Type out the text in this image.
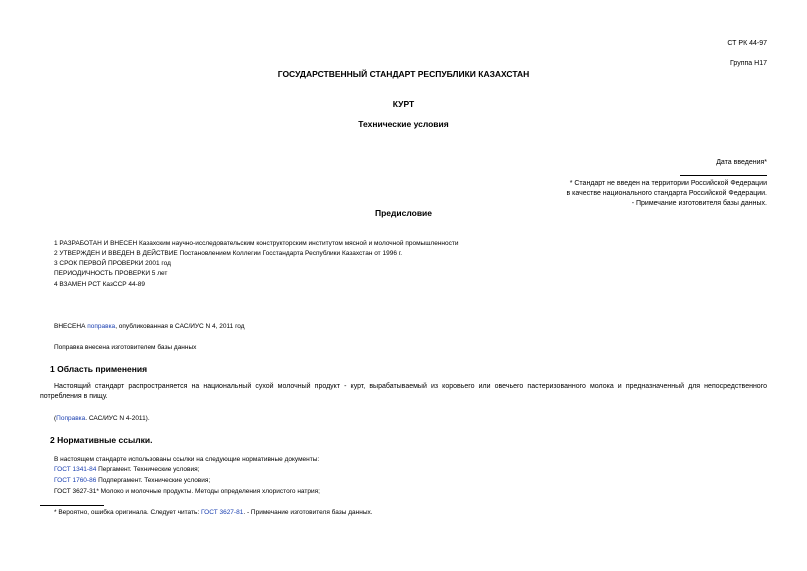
СТ РК 44-97
Группа Н17
ГОСУДАРСТВЕННЫЙ СТАНДАРТ РЕСПУБЛИКИ КАЗАХСТАН
КУРТ
Технические условия
Дата введения*
* Стандарт не введен на территории Российской Федерации
в качестве национального стандарта Российской Федерации.
- Примечание изготовителя базы данных.
Предисловие
1 РАЗРАБОТАН И ВНЕСЕН Казахским научно-исследовательским конструкторским институтом мясной и молочной промышленности
2 УТВЕРЖДЕН И ВВЕДЕН В ДЕЙСТВИЕ Постановлением Коллегии Госстандарта Республики Казахстан от 1996 г.
3 СРОК ПЕРВОЙ ПРОВЕРКИ 2001 год
ПЕРИОДИЧНОСТЬ ПРОВЕРКИ 5 лет
4 ВЗАМЕН РСТ КазССР 44-89
ВНЕСЕНА поправка, опубликованная в САС/ИУС N 4, 2011 год
Поправка внесена изготовителем базы данных
1 Область применения
Настоящий стандарт распространяется на национальный сухой молочный продукт - курт, вырабатываемый из коровьего или овечьего пастеризованного молока и предназначенный для непосредственного потребления в пищу.
(Поправка. САС/ИУС N 4-2011).
2 Нормативные ссылки.
В настоящем стандарте использованы ссылки на следующие нормативные документы:
ГОСТ 1341-84 Пергамент. Технические условия;
ГОСТ 1760-86 Подпергамент. Технические условия;
ГОСТ 3627-31* Молоко и молочные продукты. Методы определения хлористого натрия;
* Вероятно, ошибка оригинала. Следует читать: ГОСТ 3627-81. - Примечание изготовителя базы данных.
